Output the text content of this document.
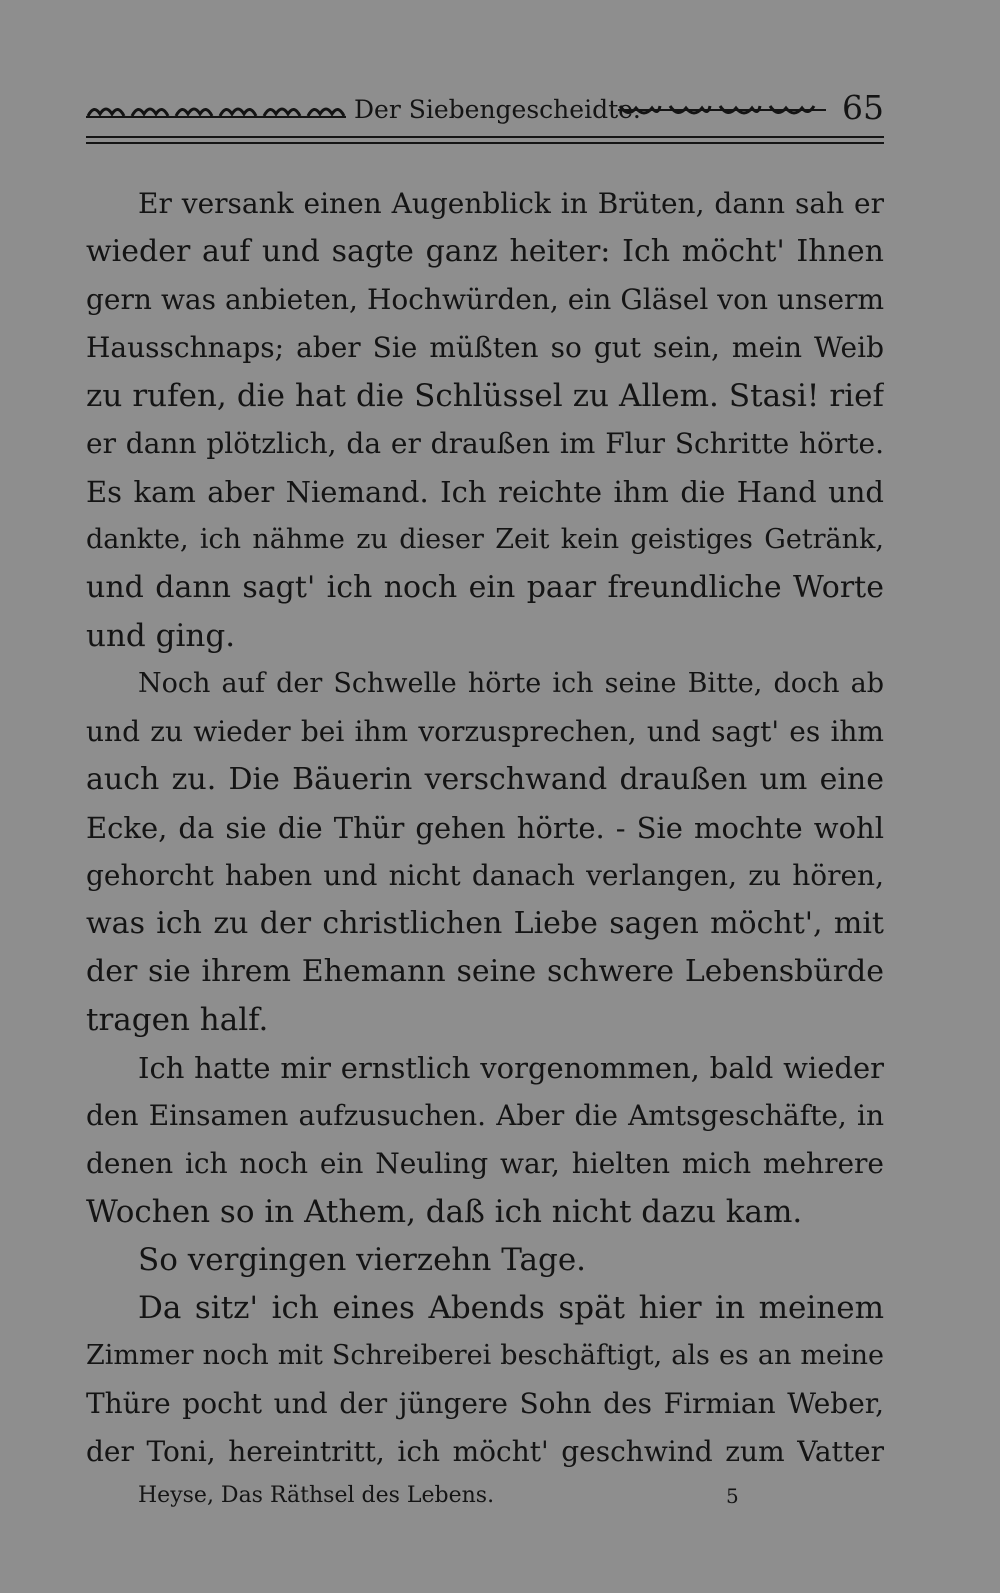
Der Siebengescheidte.	65
Er versank einen Augenblick in Brüten, dann sah er
wieder auf und sagte ganz heiter: Ich möcht' Ihnen
gern was anbieten, Hochwürden, ein Gläsel von unserm
Hausschnaps; aber Sie müßten so gut sein, mein Weib
zu rufen, die hat die Schlüssel zu Allem. Stasi! rief
er dann plötzlich, da er draußen im Flur Schritte hörte.
Es kam aber Niemand. Ich reichte ihm die Hand und
dankte, ich nähme zu dieser Zeit kein geistiges Getränk,
und dann sagt' ich noch ein paar freundliche Worte
und ging.
Noch auf der Schwelle hörte ich seine Bitte, doch ab
und zu wieder bei ihm vorzusprechen, und sagt' es ihm
auch zu. Die Bäuerin verschwand draußen um eine
Ecke, da sie die Thür gehen hörte. - Sie mochte wohl
gehorcht haben und nicht danach verlangen, zu hören,
was ich zu der christlichen Liebe sagen möcht', mit
der sie ihrem Ehemann seine schwere Lebensbürde
tragen half.
Ich hatte mir ernstlich vorgenommen, bald wieder
den Einsamen aufzusuchen. Aber die Amtsgeschäfte, in
denen ich noch ein Neuling war, hielten mich mehrere
Wochen so in Athem, daß ich nicht dazu kam.
So vergingen vierzehn Tage.
Da sitz' ich eines Abends spät hier in meinem
Zimmer noch mit Schreiberei beschäftigt, als es an meine
Thüre pocht und der jüngere Sohn des Firmian Weber,
der Toni, hereintritt, ich möcht' geschwind zum Vatter
Heyse, Das Räthsel des Lebens.	5
